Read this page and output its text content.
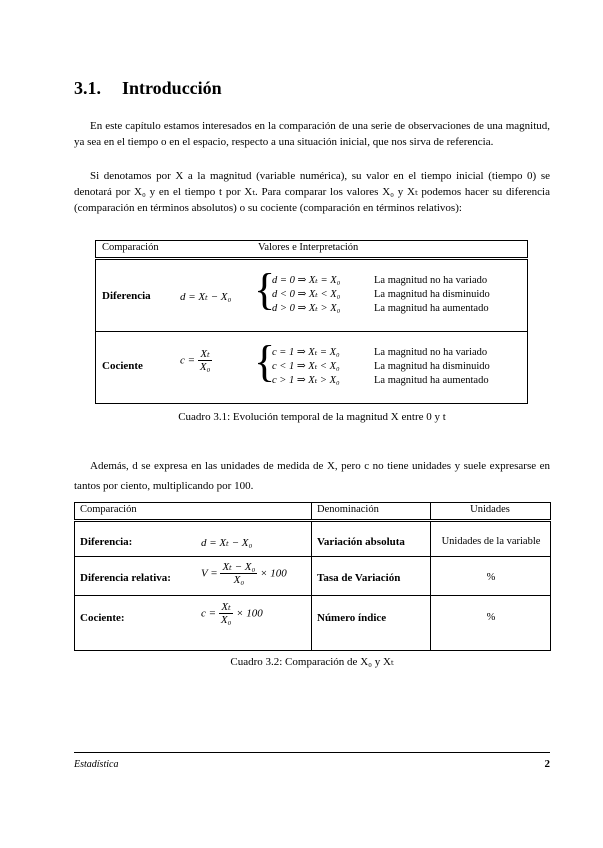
3.1. Introducción

En este capítulo estamos interesados en la comparación de una serie de observaciones de una magnitud, ya sea en el tiempo o en el espacio, respecto a una situación inicial, que nos sirva de referencia.

Si denotamos por X a la magnitud (variable numérica), su valor en el tiempo inicial (tiempo 0) se denotará por X₀ y en el tiempo t por Xₜ. Para comparar los valores X₀ y Xₜ podemos hacer su diferencia (comparación en términos absolutos) o su cociente (comparación en términos relativos):

Comparación	Valores e Interpretación
Diferencia	d = Xₜ − X₀ {
d = 0 ⇒ Xₜ = X₀	La magnitud no ha variado
d < 0 ⇒ Xₜ < X₀	La magnitud ha disminuido
d > 0 ⇒ Xₜ > X₀	La magnitud ha aumentado
Cociente	$c = \frac{\text{Xₜ}}{\text{X₀}}$ {
c = 1 ⇒ Xₜ = X₀	La magnitud no ha variado
c < 1 ⇒ Xₜ < X₀	La magnitud ha disminuido
c > 1 ⇒ Xₜ > X₀	La magnitud ha aumentado
Cuadro 3.1: Evolución temporal de la magnitud X entre 0 y t

Además, d se expresa en las unidades de medida de X, pero c no tiene unidades y suele expresarse en tantos por ciento, multiplicando por 100.

Comparación	Denominación	Unidades
Diferencia:	d = Xₜ − X₀	Variación absoluta	Unidades de la variable
Diferencia relativa:	$V = \frac{\text{Xₜ − X₀}}{\text{X₀}} \times 100$	Tasa de Variación	%
Cociente:	$c = \frac{\text{Xₜ}}{\text{X₀}} \times 100$	Número índice	%
Cuadro 3.2: Comparación de X₀ y Xₜ
Estadística	2
